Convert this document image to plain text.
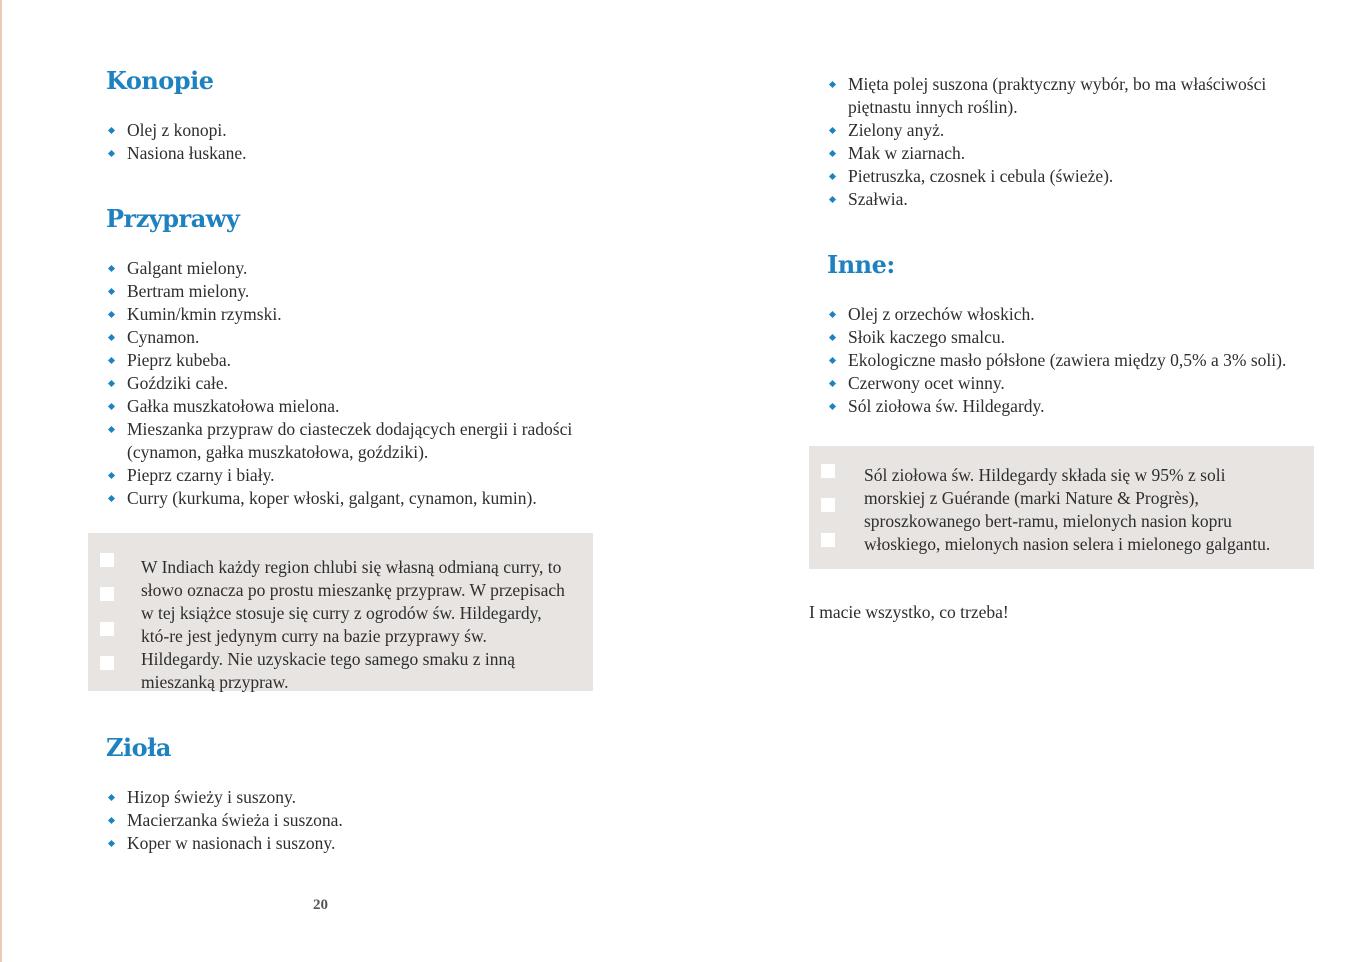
Konopie
Olej z konopi.
Nasiona łuskane.
Przyprawy
Galgant mielony.
Bertram mielony.
Kumin/kmin rzymski.
Cynamon.
Pieprz kubeba.
Goździki całe.
Gałka muszkatołowa mielona.
Mieszanka przypraw do ciasteczek dodających energii i radości (cynamon, gałka muszkatołowa, goździki).
Pieprz czarny i biały.
Curry (kurkuma, koper włoski, galgant, cynamon, kumin).

W Indiach każdy region chlubi się własną odmianą curry, to słowo oznacza po prostu mieszankę przypraw. W przepisach w tej książce stosuje się curry z ogrodów św. Hildegardy, któ-re jest jedynym curry na bazie przyprawy św. Hildegardy. Nie uzyskacie tego samego smaku z inną mieszanką przypraw.

Zioła
Hizop świeży i suszony.
Macierzanka świeża i suszona.
Koper w nasionach i suszony.

20

Mięta polej suszona (praktyczny wybór, bo ma właściwości piętnastu innych roślin).
Zielony anyż.
Mak w ziarnach.
Pietruszka, czosnek i cebula (świeże).
Szałwia.
Inne:
Olej z orzechów włoskich.
Słoik kaczego smalcu.
Ekologiczne masło półsłone (zawiera między 0,5% a 3% soli).
Czerwony ocet winny.
Sól ziołowa św. Hildegardy.

Sól ziołowa św. Hildegardy składa się w 95% z soli morskiej z Guérande (marki Nature & Progrès), sproszkowanego bert-ramu, mielonych nasion kopru włoskiego, mielonych nasion selera i mielonego galgantu.

I macie wszystko, co trzeba!
